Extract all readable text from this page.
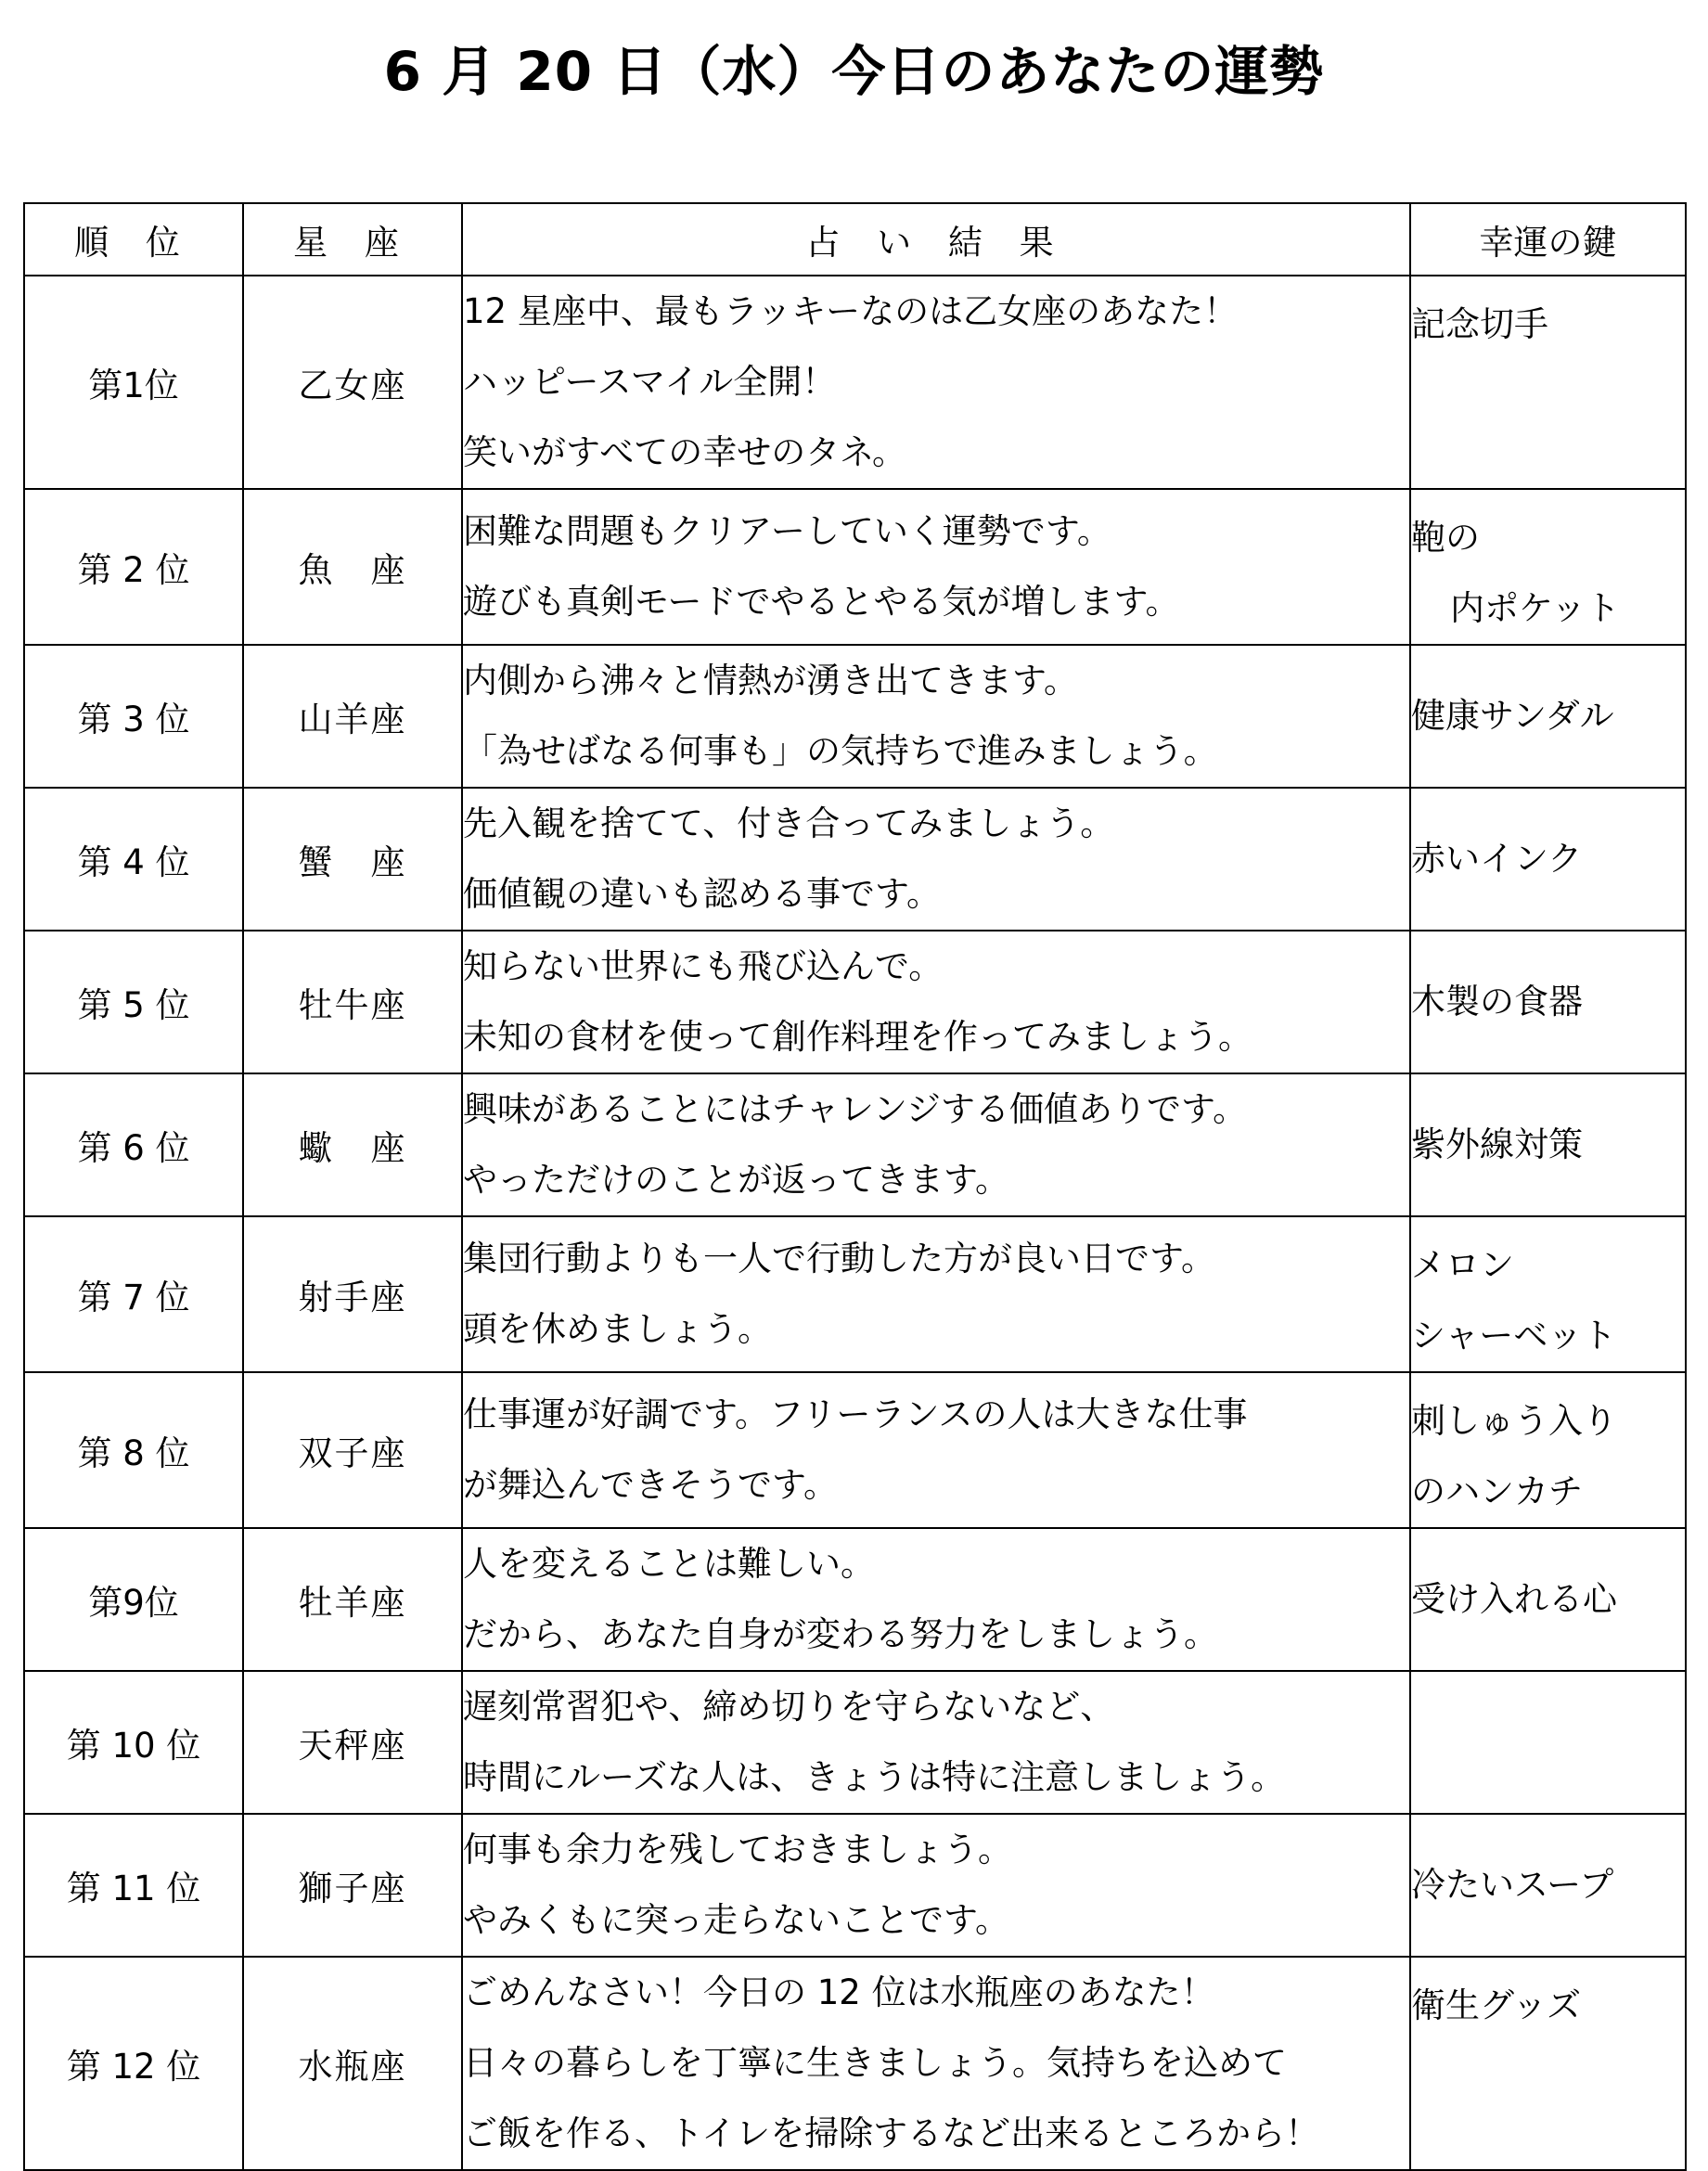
6 月 20 日（水）今日のあなたの運勢
順 位	星 座	占 い 結 果	幸運の鍵
第1位	乙女座	12 星座中、最もラッキーなのは乙女座のあなた！
ハッピースマイル全開！
笑いがすべての幸せのタネ。	記念切手

第 2 位	魚　座	困難な問題もクリアーしていく運勢です。
遊びも真剣モードでやるとやる気が増します。	鞄の
内ポケット

第 3 位	山羊座	内側から沸々と情熱が湧き出てきます。
「為せばなる何事も」の気持ちで進みましょう。	健康サンダル

第 4 位	蟹　座	先入観を捨てて、付き合ってみましょう。
価値観の違いも認める事です。	赤いインク

第 5 位	牡牛座	知らない世界にも飛び込んで。
未知の食材を使って創作料理を作ってみましょう。	木製の食器

第 6 位	蠍　座	興味があることにはチャレンジする価値ありです。
やっただけのことが返ってきます。	紫外線対策

第 7 位	射手座	集団行動よりも一人で行動した方が良い日です。
頭を休めましょう。	メロン
シャーベット

第 8 位	双子座	仕事運が好調です。フリーランスの人は大きな仕事
が舞込んできそうです。	刺しゅう入り
のハンカチ

第9位	牡羊座	人を変えることは難しい。
だから、あなた自身が変わる努力をしましょう。	受け入れる心

第 10 位	天秤座	遅刻常習犯や、締め切りを守らないなど、
時間にルーズな人は、きょうは特に注意しましょう。	

第 11 位	獅子座	何事も余力を残しておきましょう。
やみくもに突っ走らないことです。	冷たいスープ

第 12 位	水瓶座	ごめんなさい！今日の 12 位は水瓶座のあなた！
日々の暮らしを丁寧に生きましょう。気持ちを込めて
ご飯を作る、トイレを掃除するなど出来るところから！	衛生グッズ
